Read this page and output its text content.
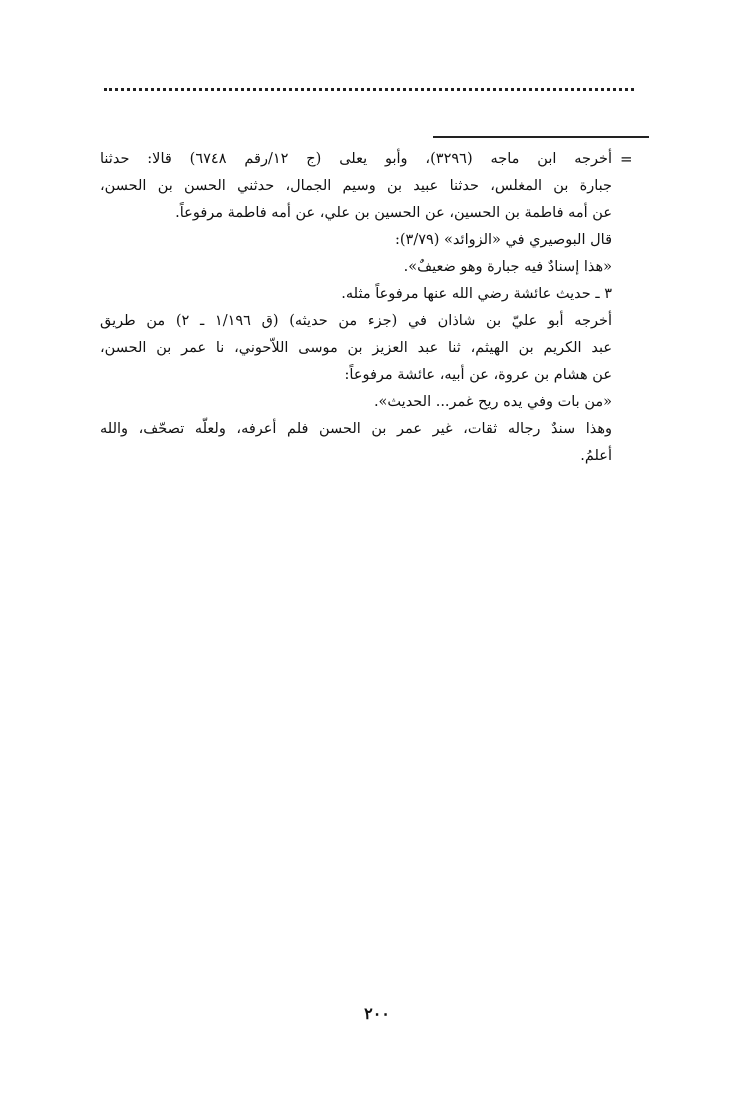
=
أخرجه ابن ماجه (٣٢٩٦)، وأبو يعلى (ج ١٢/رقم ٦٧٤٨) قالا: حدثنا
جبارة بن المغلس، حدثنا عبيد بن وسيم الجمال، حدثني الحسن بن الحسن،
عن أمه فاطمة بن الحسين، عن الحسين بن علي، عن أمه فاطمة مرفوعاً.
قال البوصيري في «الزوائد» (٣/٧٩):
«هذا إسنادٌ فيه جبارة وهو ضعيفٌ».
٣ ـ حديث عائشة رضي الله عنها مرفوعاً مثله.
أخرجه أبو عليّ بن شاذان في (جزء من حديثه) (ق ١/١٩٦ ـ ٢) من طريق
عبد الكريم بن الهيثم، ثنا عبد العزيز بن موسى اللاّحوني، نا عمر بن الحسن،
عن هشام بن عروة، عن أبيه، عائشة مرفوعاً:
«من بات وفي يده ريح غمر... الحديث».
وهذا سندٌ رجاله ثقات، غير عمر بن الحسن فلم أعرفه، ولعلّه تصحّف، والله
أعلمُ.
٢٠٠
